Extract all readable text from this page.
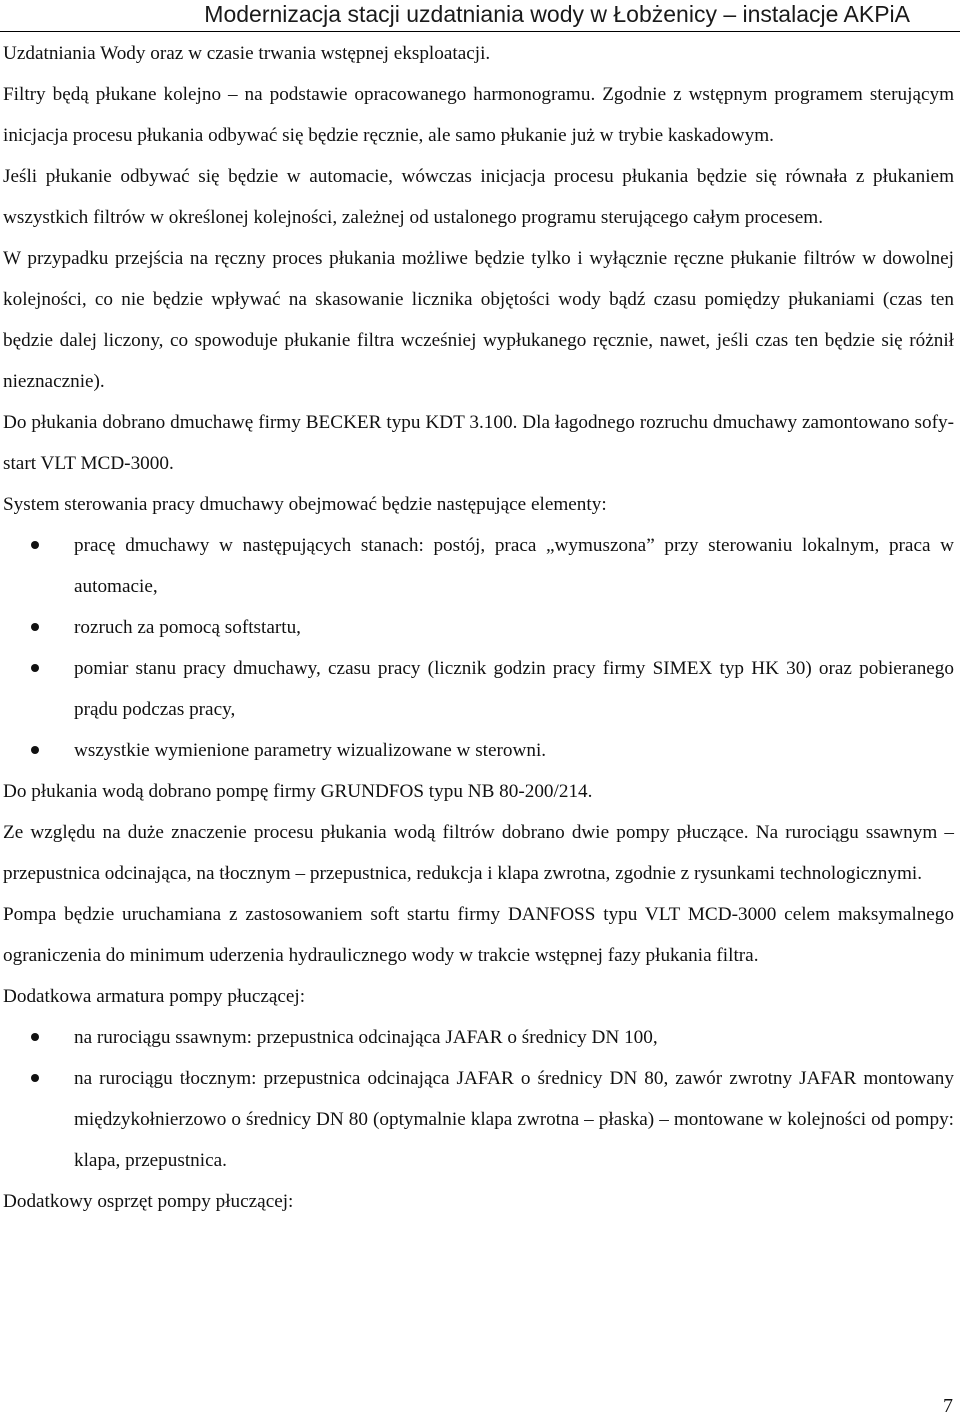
Modernizacja stacji uzdatniania wody w Łobżenicy – instalacje AKPiA

Uzdatniania Wody oraz w czasie trwania wstępnej eksploatacji.

Filtry będą płukane kolejno – na podstawie opracowanego harmonogramu. Zgodnie z wstępnym programem sterującym inicjacja procesu płukania odbywać się będzie ręcznie, ale samo płukanie już w trybie kaskadowym.

Jeśli płukanie odbywać się będzie w automacie, wówczas inicjacja procesu płukania będzie się równała z płukaniem wszystkich filtrów w określonej kolejności, zależnej od ustalonego programu sterującego całym procesem.

W przypadku przejścia na ręczny proces płukania możliwe będzie tylko i wyłącznie ręczne płukanie filtrów w dowolnej kolejności, co nie będzie wpływać na skasowanie licznika objętości wody bądź czasu pomiędzy płukaniami (czas ten będzie dalej liczony, co spowoduje płukanie filtra wcześniej wypłukanego ręcznie, nawet, jeśli czas ten będzie się różnił nieznacznie).

Do płukania dobrano dmuchawę firmy BECKER typu KDT 3.100. Dla łagodnego rozruchu dmuchawy zamontowano sofy-start VLT MCD-3000.

System sterowania pracy dmuchawy obejmować będzie następujące elementy:

pracę dmuchawy w następujących stanach: postój, praca „wymuszona” przy sterowaniu lokalnym, praca w automacie,
rozruch za pomocą softstartu,
pomiar stanu pracy dmuchawy, czasu pracy (licznik godzin pracy firmy SIMEX typ HK 30) oraz pobieranego prądu podczas pracy,
wszystkie wymienione parametry wizualizowane w sterowni.

Do płukania wodą dobrano pompę firmy GRUNDFOS typu NB 80-200/214.

Ze względu na duże znaczenie procesu płukania wodą filtrów dobrano dwie pompy płuczące. Na rurociągu ssawnym – przepustnica odcinająca, na tłocznym – przepustnica, redukcja i klapa zwrotna, zgodnie z rysunkami technologicznymi.

Pompa będzie uruchamiana z zastosowaniem soft startu firmy DANFOSS typu VLT MCD-3000 celem maksymalnego ograniczenia do minimum uderzenia hydraulicznego wody w trakcie wstępnej fazy płukania filtra.

Dodatkowa armatura pompy płuczącej:

na rurociągu ssawnym: przepustnica odcinająca JAFAR o średnicy DN 100,
na rurociągu tłocznym: przepustnica odcinająca JAFAR o średnicy DN 80, zawór zwrotny JAFAR montowany międzykołnierzowo o średnicy DN 80 (optymalnie klapa zwrotna – płaska) – montowane w kolejności od pompy: klapa, przepustnica.

Dodatkowy osprzęt pompy płuczącej:

7
